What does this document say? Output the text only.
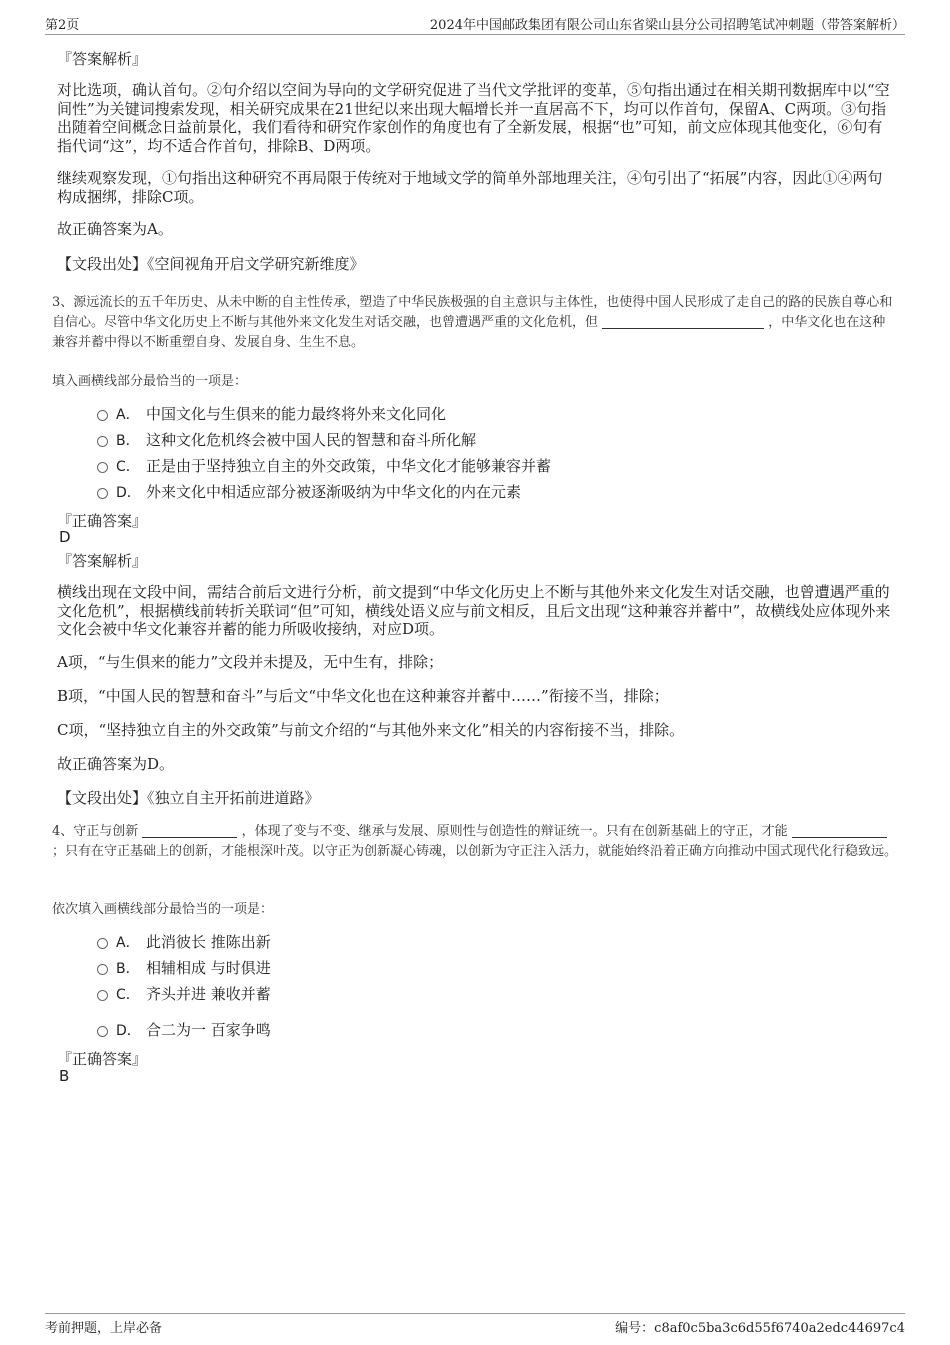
第2页	2024年中国邮政集团有限公司山东省梁山县分公司招聘笔试冲刺题（带答案解析）
『答案解析』
对比选项，确认首句。②句介绍以空间为导向的文学研究促进了当代文学批评的变革，⑤句指出通过在相关期刊数据库中以“空间性”为关键词搜索发现，相关研究成果在21世纪以来出现大幅增长并一直居高不下，均可以作首句，保留A、C两项。③句指出随着空间概念日益前景化，我们看待和研究作家创作的角度也有了全新发展，根据“也”可知，前文应体现其他变化，⑥句有指代词“这”，均不适合作首句，排除B、D两项。
继续观察发现，①句指出这种研究不再局限于传统对于地域文学的简单外部地理关注，④句引出了“拓展”内容，因此①④两句构成捆绑，排除C项。
故正确答案为A。
【文段出处】《空间视角开启文学研究新维度》
3、源远流长的五千年历史、从未中断的自主性传承，塑造了中华民族极强的自主意识与主体性，也使得中国人民形成了走自己的路的民族自尊心和自信心。尽管中华文化历史上不断与其他外来文化发生对话交融，也曾遭遇严重的文化危机，但	，中华文化也在这种兼容并蓄中得以不断重塑自身、发展自身、生生不息。
填入画横线部分最恰当的一项是：
A． 中国文化与生俱来的能力最终将外来文化同化
B． 这种文化危机终会被中国人民的智慧和奋斗所化解
C． 正是由于坚持独立自主的外交政策，中华文化才能够兼容并蓄
D． 外来文化中相适应部分被逐渐吸纳为中华文化的内在元素
『正确答案』
D
『答案解析』
横线出现在文段中间，需结合前后文进行分析，前文提到“中华文化历史上不断与其他外来文化发生对话交融，也曾遭遇严重的文化危机”，根据横线前转折关联词“但”可知，横线处语义应与前文相反，且后文出现“这种兼容并蓄中”，故横线处应体现外来文化会被中华文化兼容并蓄的能力所吸收接纳，对应D项。
A项，“与生俱来的能力”文段并未提及，无中生有，排除；
B项，“中国人民的智慧和奋斗”与后文“中华文化也在这种兼容并蓄中……”衔接不当，排除；
C项，“坚持独立自主的外交政策”与前文介绍的“与其他外来文化”相关的内容衔接不当，排除。
故正确答案为D。
【文段出处】《独立自主开拓前进道路》
4、守正与创新	，体现了变与不变、继承与发展、原则性与创造性的辩证统一。只有在创新基础上的守正，才能  ；只有在守正基础上的创新，才能根深叶茂。以守正为创新凝心铸魂，以创新为守正注入活力，就能始终沿着正确方向推动中国式现代化行稳致远。
依次填入画横线部分最恰当的一项是：
A． 此消彼长 推陈出新
B． 相辅相成 与时俱进
C． 齐头并进 兼收并蓄
D． 合二为一 百家争鸣
『正确答案』
B
考前押题，上岸必备	编号：c8af0c5ba3c6d55f6740a2edc44697c4
